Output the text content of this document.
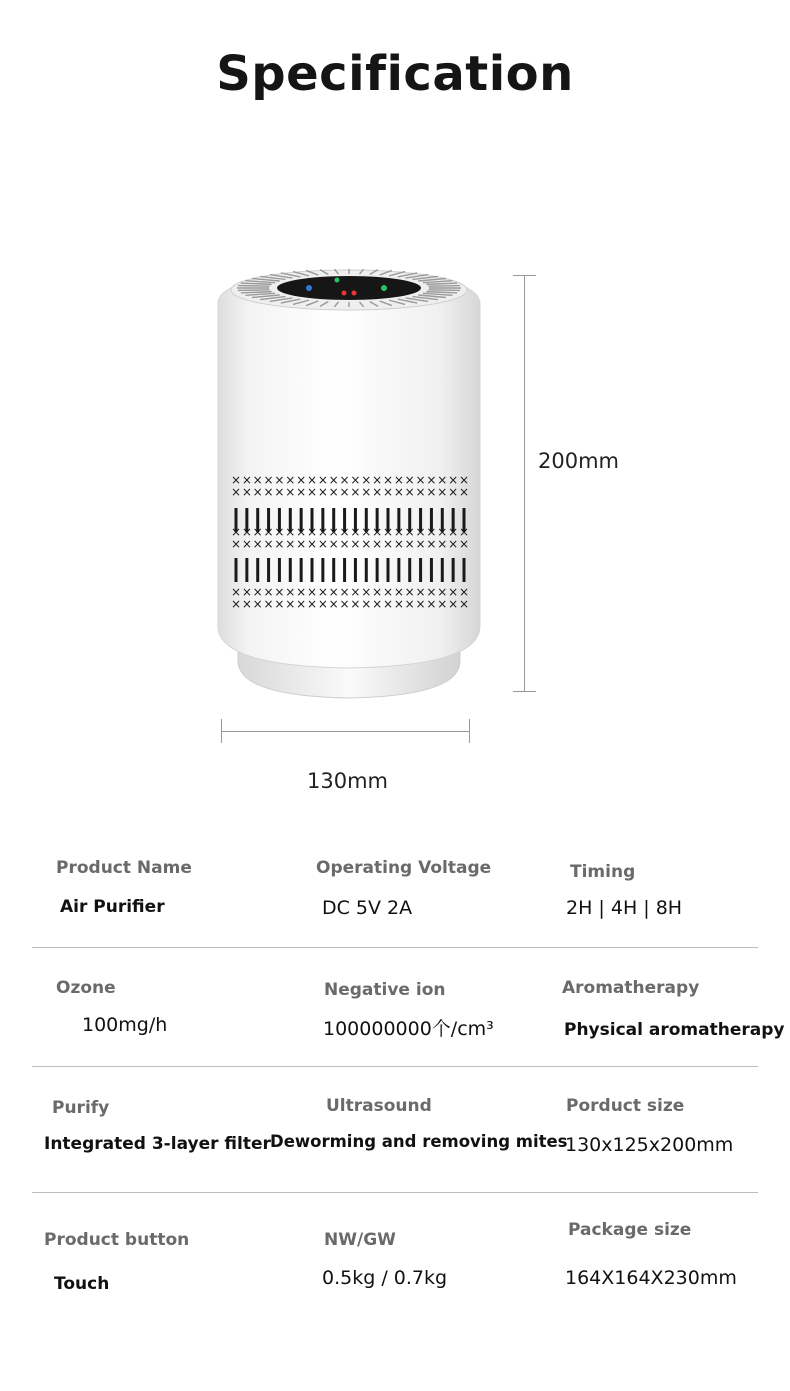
Specification
× × × × × × × × × × × × × × × × × × × × × ×
× × × × × × × × × × × × × × × × × × × × × ×
× × × × × × × × × × × × × × × × × × × × × ×
× × × × × × × × × × × × × × × × × × × × × ×
× × × × × × × × × × × × × × × × × × × × × ×
× × × × × × × × × × × × × × × × × × × × × ×
200mm
130mm
Product Name
Air Purifier
Operating Voltage
DC 5V 2A
Timing
2H | 4H | 8H
Ozone
100mg/h
Negative ion
100000000个/cm³
Aromatherapy
Physical aromatherapy
Purify
Integrated 3-layer filter
Ultrasound
Deworming and removing mites
Porduct size
130x125x200mm
Product button
Touch
NW/GW
0.5kg / 0.7kg
Package size
164X164X230mm
